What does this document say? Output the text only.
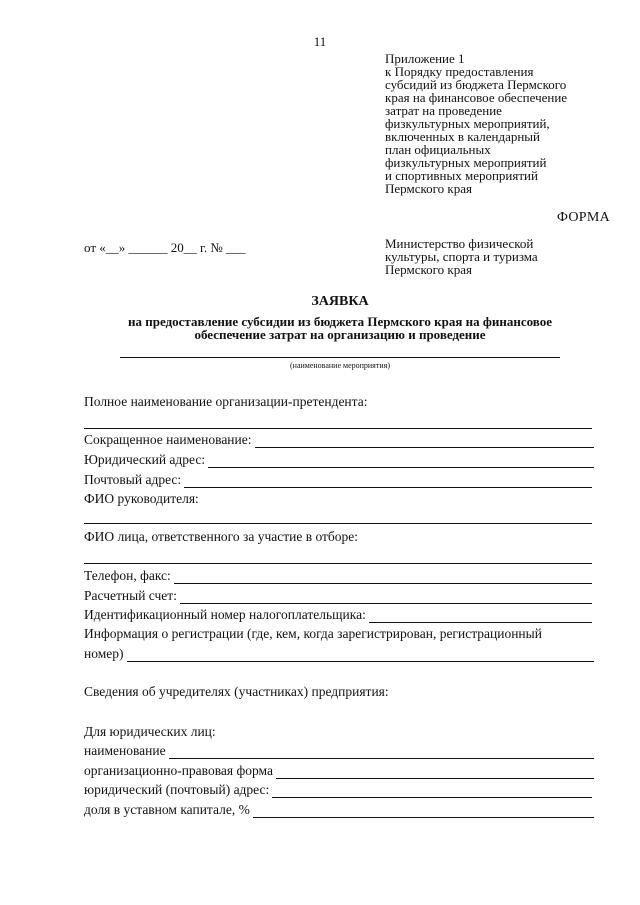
11
Приложение 1
к Порядку предоставления
субсидий из бюджета Пермского
края на финансовое обеспечение
затрат на проведение
физкультурных мероприятий,
включенных в календарный
план официальных
физкультурных мероприятий
и спортивных мероприятий
Пермского края
ФОРМА
от «__» ______ 20__ г. № ___	Министерство физической
культуры, спорта и туризма
Пермского края
ЗАЯВКА
на предоставление субсидии из бюджета Пермского края на финансовое
обеспечение затрат на организацию и проведение
(наименование мероприятия)
Полное наименование организации-претендента:
Сокращенное наименование:
Юридический адрес:
Почтовый адрес:
ФИО руководителя:
ФИО лица, ответственного за участие в отборе:
Телефон, факс:
Расчетный счет:
Идентификационный номер налогоплательщика:
Информация о регистрации (где, кем, когда зарегистрирован, регистрационный
номер)
Сведения об учредителях (участниках) предприятия:
Для юридических лиц:
наименование
организационно-правовая форма
юридический (почтовый) адрес:
доля в уставном капитале, %
